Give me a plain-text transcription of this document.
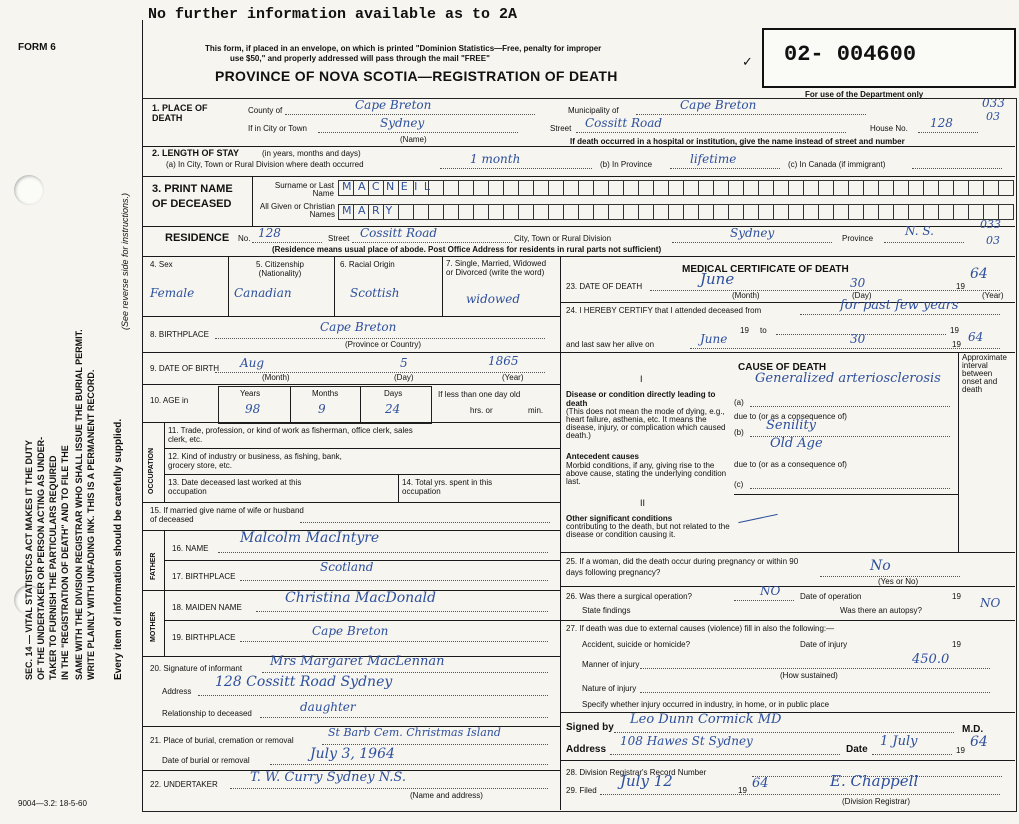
No further information available as to 2A
FORM 6
SEC. 14 — VITAL STATISTICS ACT MAKES IT THE DUTY OF THE UNDERTAKER OR PERSON ACTING AS UNDER- TAKER TO FURNISH THE PARTICULARS REQUIRED IN THE "REGISTRATION OF DEATH" AND TO FILE THE SAME WITH THE DIVISION REGISTRAR WHO SHALL ISSUE THE BURIAL PERMIT. WRITE PLAINLY WITH UNFADING INK. THIS IS A PERMANENT RECORD. Every item of information should be carefully supplied.
(See reverse side for instructions.)
This form, if placed in an envelope, on which is printed "Dominion Statistics—Free, penalty for improper
use $50," and properly addressed will pass through the mail "FREE"
PROVINCE OF NOVA SCOTIA—REGISTRATION OF DEATH
02- 004600
✓
For use of the Department only
033
03
1. PLACE OF DEATH
County of	Cape Breton	Municipality of	Cape Breton
If in City or Town	Sydney
(Name)
Street Cossitt Road	House No. 128
If death occurred in a hospital or institution, give the name instead of street and number
2. LENGTH OF STAY	(in years, months and days)
(a) In City, Town or Rural Division where death occurred	1 month	(b) In Province	lifetime	(c) In Canada (if immigrant)
3. PRINT NAME OF DECEASED
Surname or Last Name
All Given or Christian Names
MACNEIL
MARY
RESIDENCE No. 128	Street Cossitt Road	City, Town or Rural Division	Sydney	Province
N. S.	033
03
(Residence means usual place of abode. Post Office Address for residents in rural parts not sufficient)
4. Sex
Female
5. Citizenship (Nationality)
Canadian
6. Racial Origin
Scottish
7. Single, Married, Widowed or Divorced (write the word)
widowed
8. BIRTHPLACE
Cape Breton
(Province or Country)
9. DATE OF BIRTH Aug	5	1865
(Month)	(Day)	(Year)
10. AGE in
Years	Months	Days
98	9	24
If less than one day old
hrs. or	min.
OCCUPATION
11. Trade, profession, or kind of work as fisherman, office clerk, sales clerk, etc.
12. Kind of industry or business, as fishing, bank, grocery store, etc.
13. Date deceased last worked at this occupation
14. Total yrs. spent in this occupation
15. If married give name of wife or husband of deceased
FATHER
16. NAME
Malcolm MacIntyre
17. BIRTHPLACE
Scotland
MOTHER
18. MAIDEN NAME
Christina MacDonald
19. BIRTHPLACE	Cape Breton
20. Signature of informant Mrs Margaret MacLennan
Address
128 Cossitt Road Sydney
Relationship to deceased	daughter
21. Place of burial, cremation or removal
St Barb Cem. Christmas Island
Date of burial or removal	July 3, 1964
22. UNDERTAKER T. W. Curry Sydney N.S.
(Name and address)
MEDICAL CERTIFICATE OF DEATH
23. DATE OF DEATH	June	30	19
64
(Month)	(Day)	(Year)
24. I HEREBY CERTIFY that I attended deceased from	for past few years
to
19	19
and last saw her alive on	June	30	19
64
CAUSE OF DEATH
Approximate interval between onset and death
I
Disease or condition directly leading to death
(This does not mean the mode of dying, e.g., heart failure, asthenia, etc. It means the disease, injury, or complication which caused death.)
(a)
Generalized arteriosclerosis
due to (or as a consequence of)
(b) Senility
Old Age
Antecedent causes
Morbid conditions, if any, giving rise to the above cause, stating the underlying condition last.
due to (or as a consequence of)
(c)
II
Other significant conditions
contributing to the death, but not related to the disease or condition causing it.
25. If a woman, did the death occur during pregnancy or within 90 days following pregnancy?	No
(Yes or No)
26. Was there a surgical operation?	NO Date of operation	19
State findings	Was there an autopsy?
NO
27. If death was due to external causes (violence) fill in also the following:—
Accident, suicide or homicide?	Date of injury	19
Manner of injury	450.0
(How sustained)
Nature of injury
Specify whether injury occurred in industry, in home, or in public place
Signed by
Leo Dunn Cormick MD
M.D.
Address
108 Hawes St Sydney
Date
1 July
19
64
28. Division Registrar's Record Number
29. Filed
July 12
19 64	E. Chappell
(Division Registrar)
9004—3.2: 18-5-60
